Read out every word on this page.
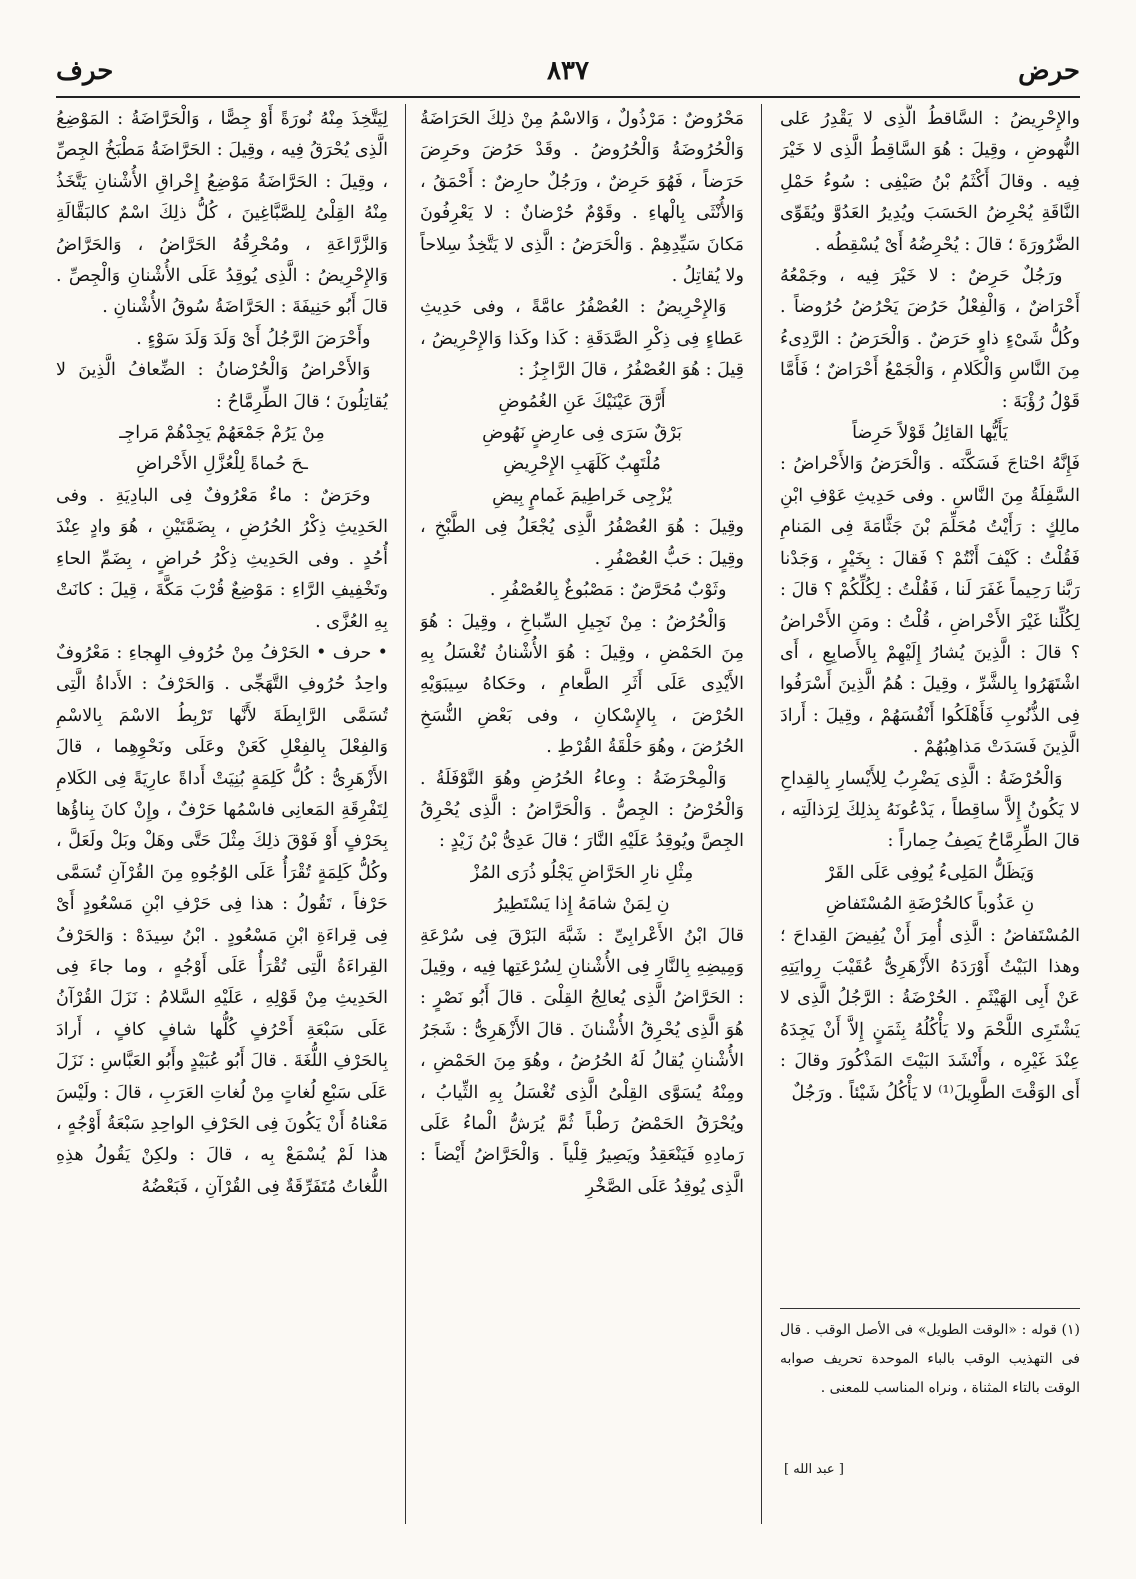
حرض
٨٣٧
حرف

والإِحْرِيضُ : السَّاقطُ الَّذِى لا يَقْدِرُ عَلى النُّهوضِ ، وقِيلَ : هُوَ السَّاقِطُ الَّذِى لا خَيْرَ فِيه . وقالَ أَكْثَمُ بْنُ صَيْفِى : سُوءُ حَمْلِ النَّاقَةِ يُحْرِضُ الحَسَبَ ويُدِيرُ العَدُوَّ ويُقَوِّى الضَّرُورَةَ ؛ قالَ : يُحْرِضُهُ أَىْ يُسْقِطُه .

ورَجُلٌ حَرِضٌ : لا خَيْرَ فِيه ، وجَمْعُهُ أَحْرَاضٌ ، وَالْفِعْلُ حَرُضَ يَحْرُضُ حُرُوضاً . وكُلُّ شَىْءٍ ذاوٍ حَرَضٌ . وَالْحَرَضُ : الرَّدِىءُ مِنَ النَّاسِ وَالْكَلامِ ، وَالْجَمْعُ أَحْرَاضٌ ؛ فَأَمَّا قَوْلُ رُؤْبَةَ :

يَأَيُّها القائِلُ قَوْلاً حَرِضاً

فَإِنَّهُ احْتاجَ فَسَكَّنَه . وَالْحَرَضُ وَالأَحْراضُ : السَّفِلَةُ مِنَ النَّاسِ . وفى حَدِيثِ عَوْفِ ابْنِ مالِكٍ : رَأَيْتُ مُحَلِّمَ بْنَ جَثَّامَةَ فِى المَنامِ فَقُلْتُ : كَيْفَ أَنْتُمْ ؟ فَقالَ : بِخَيْرٍ ، وَجَدْنا رَبَّنا رَحِيماً غَفَرَ لَنا ، فَقُلْتُ : لِكُلِّكُمْ ؟ قالَ : لِكُلِّنا غَيْرَ الأَحْراضِ ، قُلْتُ : ومَنِ الأَحْراضُ ؟ قالَ : الَّذِينَ يُشارُ إِلَيْهِمْ بِالأَصابِعِ ، أَى اشْتَهَرُوا بِالشَّرِّ ، وقِيلَ : هُمُ الَّذِينَ أَسْرَفُوا فِى الذُّنُوبِ فَأَهْلَكُوا أَنْفُسَهُمْ ، وقِيلَ : أَرادَ الَّذِينَ فَسَدَتْ مَذاهِبُهُمْ .

وَالْحُرْضَةُ : الَّذِى يَضْرِبُ لِلأَيْسارِ بِالقِداحِ لا يَكُونُ إِلاَّ ساقِطاً ، يَدْعُونَهُ بِذلِكَ لِرَذالَتِه ، قالَ الطِّرِمَّاحُ يَصِفُ حِماراً :

وَيَظَلُّ المَلِىءُ يُوفِى عَلَى القَرْ

نِ عَذُوباً كالحُرْضَةِ المُسْتَفاضِ

المُسْتَفاضُ : الَّذِى أُمِرَ أَنْ يُفِيضَ القِداحَ ؛ وهذا البَيْتُ أَوْرَدَهُ الأَزْهَرِىُّ عُقَيْبَ رِوايَتِهِ عَنْ أَبِى الهَيْثَمِ . الحُرْضَةُ : الرَّجُلُ الَّذِى لا يَشْتَرِى اللَّحْمَ ولا يَأْكُلُهُ بِثَمَنٍ إِلاَّ أَنْ يَجِدَهُ عِنْدَ غَيْرِه ، وأَنْشَدَ البَيْتَ المَذْكُورَ وقالَ : أَى الوَقْتَ الطَّوِيلَ⁽¹⁾ لا يَأْكُلُ شَيْئاً . ورَجُلٌ

(١) قوله : «الوقت الطويل» فى الأصل الوقب . قال فى التهذيب الوقب بالباء الموحدة تحريف صوابه الوقت بالتاء المثناة ، ونراه المناسب للمعنى .
[ عبد الله ]

مَحْرُوضٌ : مَرْذُولٌ ، وَالاسْمُ مِنْ ذلِكَ الحَرَاضَةُ وَالْحُرُوضَةُ وَالْحُرُوضُ . وقَدْ حَرُضَ وحَرِضَ حَرَضاً ، فَهُوَ حَرِضٌ ، ورَجُلٌ حارِضٌ : أَحْمَقُ ، وَالأُنْثَى بِالْهاءِ . وقَوْمٌ حُرْضانٌ : لا يَعْرِفُونَ مَكانَ سَيِّدِهِمْ . وَالْحَرَضُ : الَّذِى لا يَتَّخِذُ سِلاحاً ولا يُقاتِلُ .

وَالإِحْرِيضُ : العُصْفُرُ عامَّةً ، وفى حَدِيثِ عَطاءٍ فِى ذِكْرِ الصَّدَقَةِ : كَذا وكَذا وَالإِحْرِيضُ ، قِيلَ : هُوَ العُصْفُرُ ، قالَ الرَّاجِزُ :

أَرَّقَ عَيْنَيْكَ عَنِ الغُمُوضِ

بَرْقٌ سَرَى فِى عارِضٍ نَهُوضِ

مُلْتَهِبٌ كَلَهَبِ الإِحْرِيضِ

يُزْجِى خَراطِيمَ غَمامٍ بِيضِ

وقِيلَ : هُوَ العُصْفُرُ الَّذِى يُجْعَلُ فِى الطَّبْخِ ، وقِيلَ : حَبُّ العُصْفُرِ .

وثَوْبٌ مُحَرَّضٌ : مَصْبُوغٌ بِالعُصْفُرِ .

وَالْحُرُضُ : مِنْ نَجِيلِ السِّباخِ ، وقِيلَ : هُوَ مِنَ الحَمْضِ ، وقِيلَ : هُوَ الأُشْنانُ تُغْسَلُ بِهِ الأَيْدِى عَلَى أَثَرِ الطَّعامِ ، وحَكاهُ سِيبَوَيْهِ الحُرْضَ ، بِالإِسْكانِ ، وفى بَعْضِ النُّسَخِ الحُرُضَ ، وهُوَ حَلْقَةُ القُرْطِ .

وَالْمِحْرَضَةُ : وِعاءُ الحُرُضِ وهُوَ النَّوْفَلَةُ . وَالْحُرْضُ : الجِصُّ . وَالْحَرَّاضُ : الَّذِى يُحْرِقُ الجِصَّ ويُوقِدُ عَلَيْهِ النَّارَ ؛ قالَ عَدِىُّ بْنُ زَيْدٍ :

مِثْلِ نارِ الحَرَّاضِ يَجْلُو ذُرَى المُزْ

نِ لِمَنْ شامَهُ إِذا يَسْتَطِيرُ

قالَ ابْنُ الأَعْرابِىِّ : شَبَّهَ البَرْقَ فِى سُرْعَةِ وَمِيضِهِ بِالنَّارِ فِى الأُشْنانِ لِسُرْعَتِها فِيه ، وقِيلَ : الحَرَّاضُ الَّذِى يُعالِجُ القِلْىَ . قالَ أَبُو نَصْرٍ : هُوَ الَّذِى يُحْرِقُ الأُشْنانَ . قالَ الأَزْهَرِىُّ : شَجَرُ الأُشْنانِ يُقالُ لَهُ الحُرُضُ ، وهُوَ مِنَ الحَمْضِ ، ومِنْهُ يُسَوَّى القِلْىُ الَّذِى تُغْسَلُ بِهِ الثِّيابُ ، ويُحْرَقُ الحَمْضُ رَطْباً ثُمَّ يُرَشُّ الْماءُ عَلَى رَمادِهِ فَيَنْعَقِدُ ويَصِيرُ قِلْياً . وَالْحَرَّاضُ أَيْضاً : الَّذِى يُوقِدُ عَلَى الصَّخْرِ

لِيَتَّخِذَ مِنْهُ نُورَةً أَوْ جِصًّا ، وَالْحَرَّاضَةُ : المَوْضِعُ الَّذِى يُحْرَقُ فِيه ، وقِيلَ : الحَرَّاضَةُ مَطْبَخُ الجِصِّ ، وقِيلَ : الحَرَّاضَةُ مَوْضِعُ إِحْراقِ الأُشْنانِ يَتَّخَذُ مِنْهُ القِلْىُ لِلصَّبَّاغِينَ ، كُلُّ ذلِكَ اسْمٌ كالبَقَّالَةِ وَالزَّرَّاعَةِ ، ومُحْرِقُهُ الحَرَّاضُ ، وَالحَرَّاضُ وَالإِحْرِيضُ : الَّذِى يُوقِدُ عَلَى الأُشْنانِ وَالْجِصِّ . قالَ أَبُو حَنِيفَةَ : الحَرَّاضَةُ سُوقُ الأُشْنانِ .

وأَحْرَضَ الرَّجُلُ أَىْ وَلَدَ وَلَدَ سَوْءٍ .

وَالأَحْراضُ وَالْحُرْضانُ : الضِّعافُ الَّذِينَ لا يُقاتِلُونَ ؛ قالَ الطِّرِمَّاحُ :

مِنْ يَرُمْ جَمْعَهُمْ يَجِدْهُمْ مَراجِـ

ـحَ حُماةً لِلْعُزَّلِ الأَحْراضِ

وحَرَضٌ : ماءٌ مَعْرُوفٌ فِى البادِيَةِ . وفى الحَدِيثِ ذِكْرُ الحُرُضِ ، بِضَمَّتَيْنِ ، هُوَ وادٍ عِنْدَ أُحُدٍ . وفى الحَدِيثِ ذِكْرُ حُراضٍ ، بِضَمِّ الحاءِ وتَخْفِيفِ الرَّاءِ : مَوْضِعٌ قُرْبَ مَكَّةَ ، قِيلَ : كانَتْ بِهِ العُزَّى .

• حرف • الحَرْفُ مِنْ حُرُوفِ الهِجاءِ : مَعْرُوفٌ واحِدُ حُرُوفِ التَّهَجِّى . وَالحَرْفُ : الأَداةُ الَّتِى تُسَمَّى الرَّابِطَةَ لأَنَّها تَرْبِطُ الاسْمَ بِالاسْمِ وَالفِعْلَ بِالفِعْلِ كَعَنْ وعَلَى ونَحْوِهِما ، قالَ الأَزْهَرِىُّ : كُلُّ كَلِمَةٍ بُنِيَتْ أَداةً عارِيَةً فِى الكَلامِ لِتَفْرِقَةِ المَعانِى فاسْمُها حَرْفٌ ، وإِنْ كانَ بِناؤُها بِحَرْفٍ أَوْ فَوْقَ ذلِكَ مِثْلَ حَتَّى وهَلْ وبَلْ ولَعَلَّ ، وكُلُّ كَلِمَةٍ تُقْرَأُ عَلَى الوُجُوهِ مِنَ القُرْآنِ تُسَمَّى حَرْفاً ، تَقُولُ : هذا فِى حَرْفِ ابْنِ مَسْعُودٍ أَىْ فِى قِراءَةِ ابْنِ مَسْعُودٍ . ابْنُ سِيدَهْ : وَالحَرْفُ القِراءَةُ الَّتِى تُقْرَأُ عَلَى أَوْجُهٍ ، وما جاءَ فِى الحَدِيثِ مِنْ قَوْلِهِ ، عَلَيْهِ السَّلامُ : نَزَلَ القُرْآنُ عَلَى سَبْعَةِ أَحْرُفٍ كُلُّها شافٍ كافٍ ، أَرادَ بِالحَرْفِ اللُّغَةَ . قالَ أَبُو عُبَيْدٍ وأَبُو العَبَّاسِ : نَزَلَ عَلَى سَبْعِ لُغاتٍ مِنْ لُغاتِ العَرَبِ ، قالَ : ولَيْسَ مَعْناهُ أَنْ يَكُونَ فِى الحَرْفِ الواحِدِ سَبْعَةُ أَوْجُهٍ ، هذا لَمْ يُسْمَعْ بِه ، قالَ : ولكِنْ يَقُولُ هذِهِ اللُّغاتُ مُتَفَرِّقَةٌ فِى القُرْآنِ ، فَبَعْضُهُ
